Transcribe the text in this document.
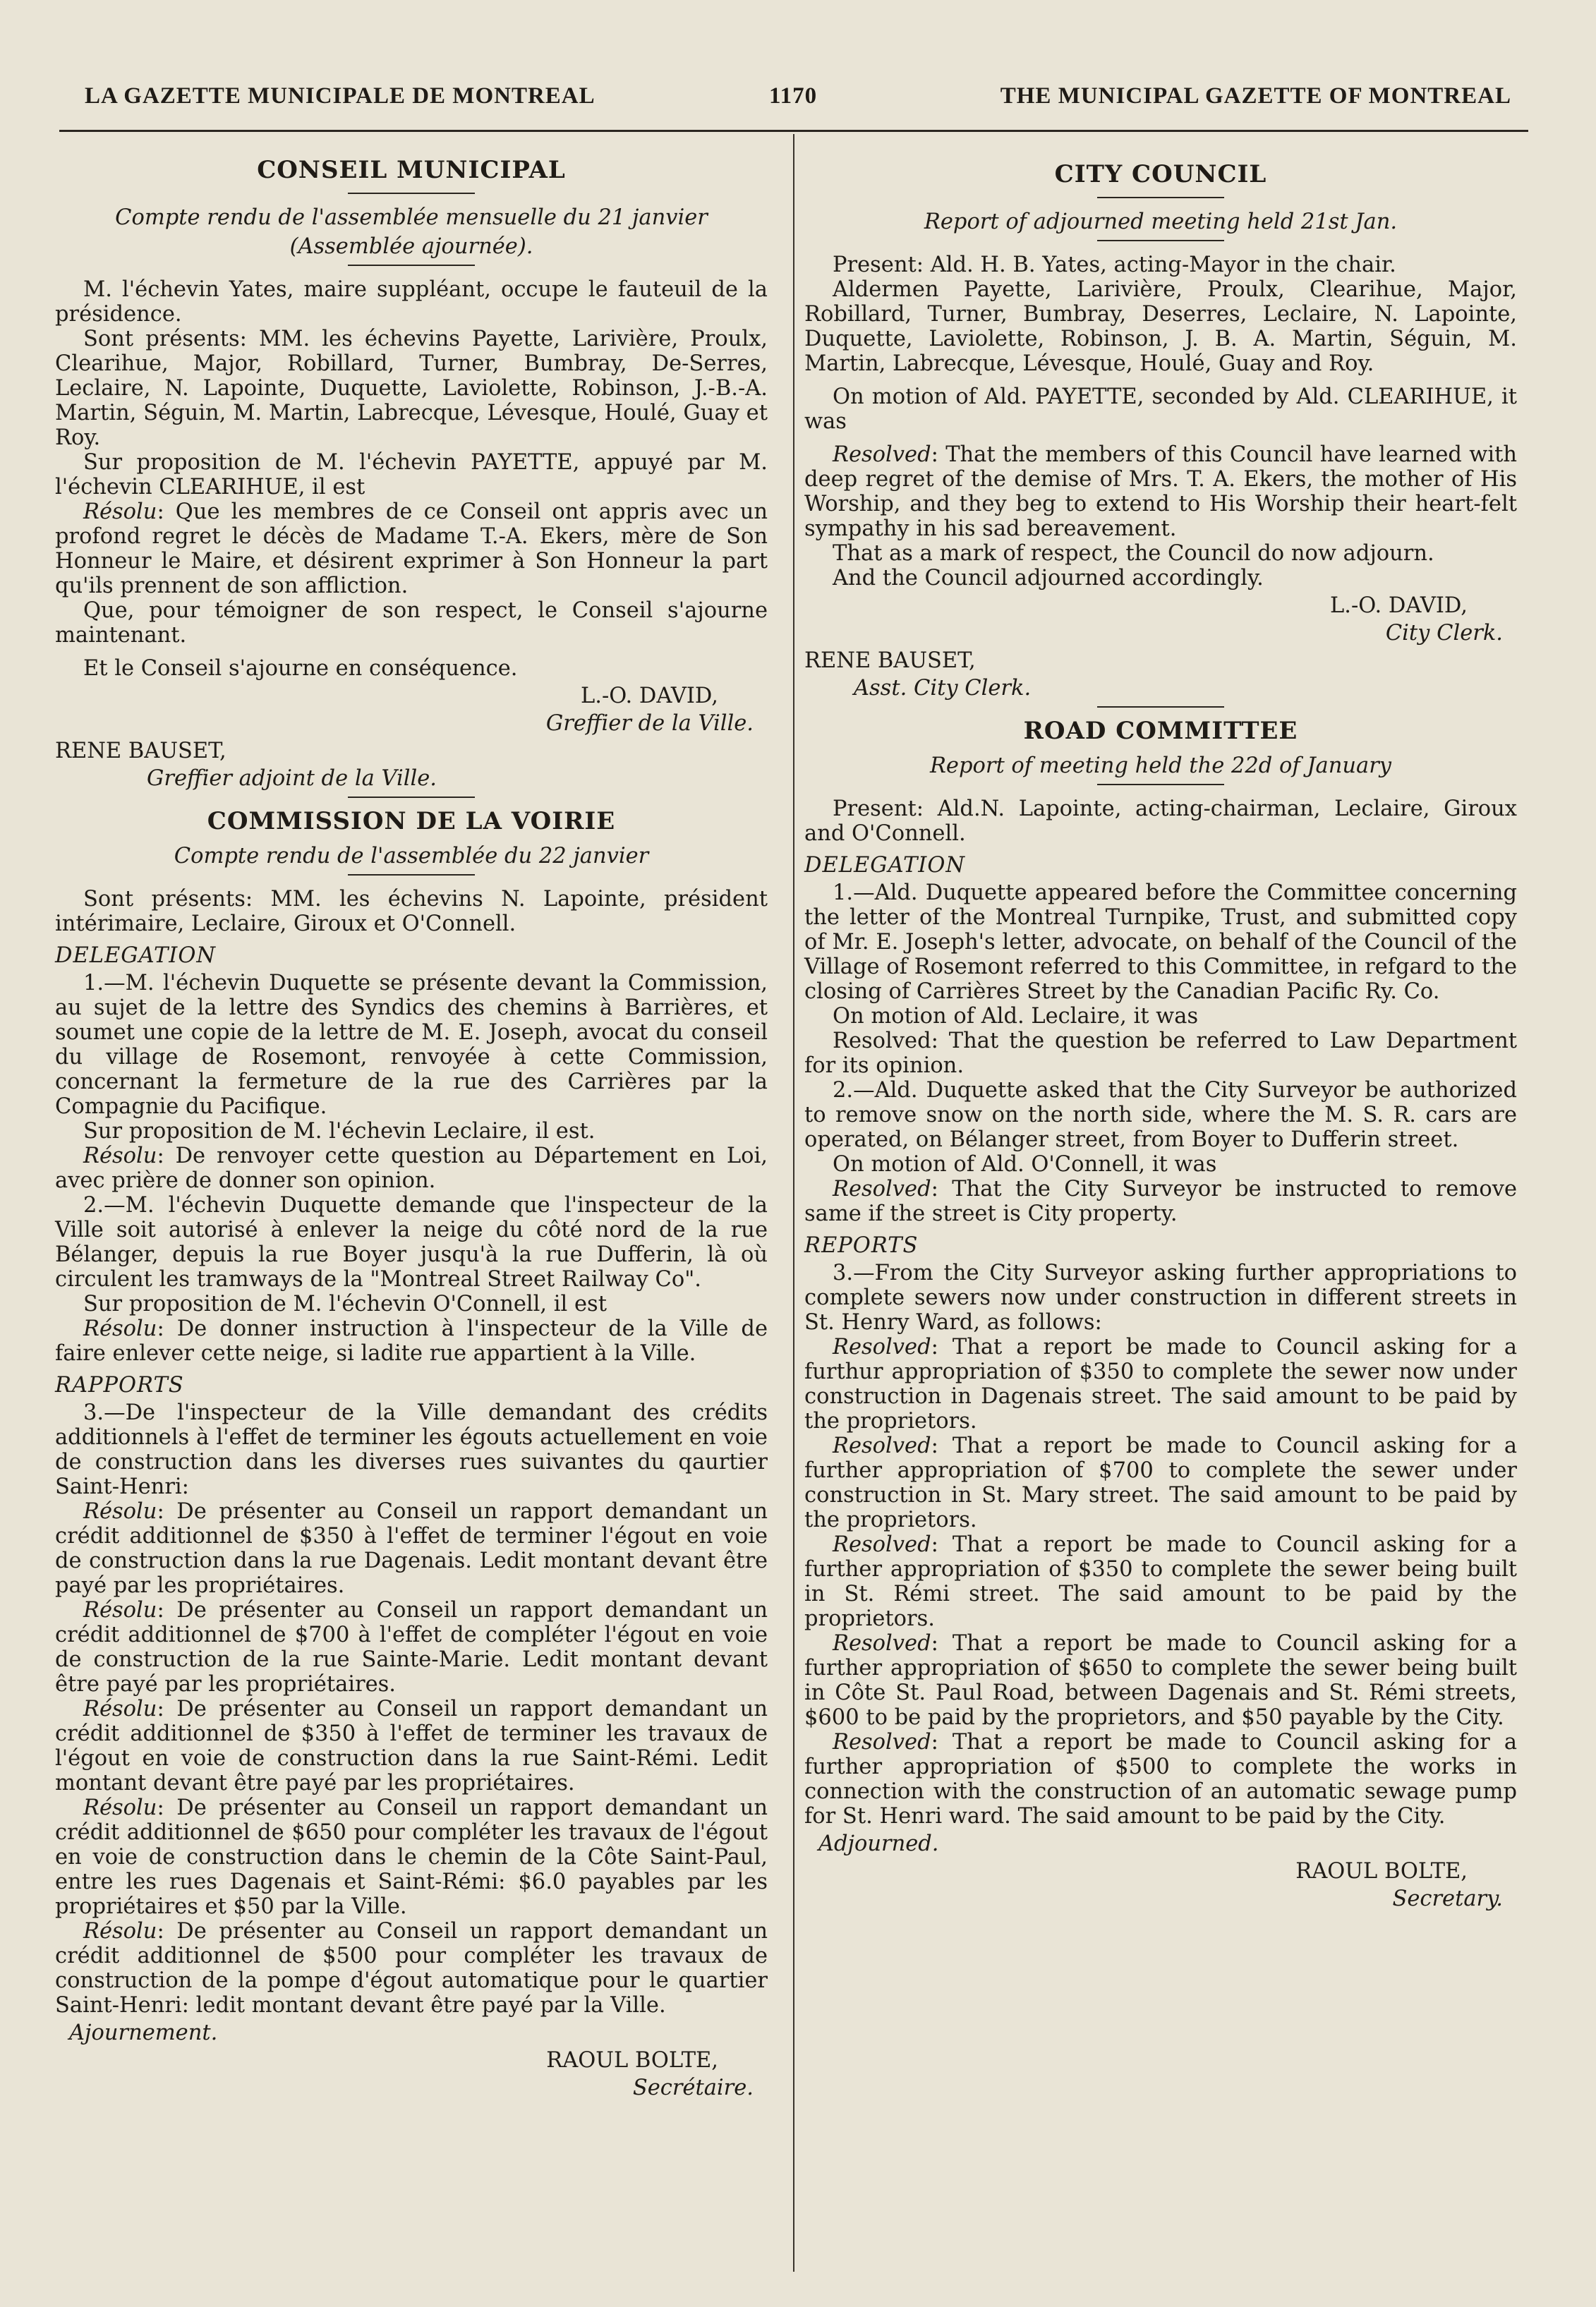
LA GAZETTE MUNICIPALE DE MONTREAL	1170	THE MUNICIPAL GAZETTE OF MONTREAL
CONSEIL MUNICIPAL
Compte rendu de l'assemblée mensuelle du 21 janvier
(Assemblée ajournée).

M. l'échevin Yates, maire suppléant, occupe le fauteuil de la présidence.

Sont présents: MM. les échevins Payette, Larivière, Proulx, Clearihue, Major, Robillard, Turner, Bumbray, De-Serres, Leclaire, N. Lapointe, Duquette, Laviolette, Robinson, J.-B.-A. Martin, Séguin, M. Martin, Labrecque, Lévesque, Houlé, Guay et Roy.

Sur proposition de M. l'échevin PAYETTE, appuyé par M. l'échevin CLEARIHUE, il est

Résolu: Que les membres de ce Conseil ont appris avec un profond regret le décès de Madame T.-A. Ekers, mère de Son Honneur le Maire, et désirent exprimer à Son Honneur la part qu'ils prennent de son affliction.

Que, pour témoigner de son respect, le Conseil s'ajourne maintenant.

Et le Conseil s'ajourne en conséquence.

L.-O. DAVID,
Greffier de la Ville.
RENE BAUSET,
Greffier adjoint de la Ville.
COMMISSION DE LA VOIRIE
Compte rendu de l'assemblée du 22 janvier

Sont présents: MM. les échevins N. Lapointe, président intérimaire, Leclaire, Giroux et O'Connell.

DELEGATION

1.—M. l'échevin Duquette se présente devant la Commission, au sujet de la lettre des Syndics des chemins à Barrières, et soumet une copie de la lettre de M. E. Joseph, avocat du conseil du village de Rosemont, renvoyée à cette Commission, concernant la fermeture de la rue des Carrières par la Compagnie du Pacifique.

Sur proposition de M. l'échevin Leclaire, il est.

Résolu: De renvoyer cette question au Département en Loi, avec prière de donner son opinion.

2.—M. l'échevin Duquette demande que l'inspecteur de la Ville soit autorisé à enlever la neige du côté nord de la rue Bélanger, depuis la rue Boyer jusqu'à la rue Dufferin, là où circulent les tramways de la "Montreal Street Railway Co".

Sur proposition de M. l'échevin O'Connell, il est

Résolu: De donner instruction à l'inspecteur de la Ville de faire enlever cette neige, si ladite rue appartient à la Ville.

RAPPORTS

3.—De l'inspecteur de la Ville demandant des crédits additionnels à l'effet de terminer les égouts actuellement en voie de construction dans les diverses rues suivantes du qaurtier Saint-Henri:

Résolu: De présenter au Conseil un rapport demandant un crédit additionnel de $350 à l'effet de terminer l'égout en voie de construction dans la rue Dagenais. Ledit montant devant être payé par les propriétaires.

Résolu: De présenter au Conseil un rapport demandant un crédit additionnel de $700 à l'effet de compléter l'égout en voie de construction de la rue Sainte-Marie. Ledit montant devant être payé par les propriétaires.

Résolu: De présenter au Conseil un rapport demandant un crédit additionnel de $350 à l'effet de terminer les travaux de l'égout en voie de construction dans la rue Saint-Rémi. Ledit montant devant être payé par les propriétaires.

Résolu: De présenter au Conseil un rapport demandant un crédit additionnel de $650 pour compléter les travaux de l'égout en voie de construction dans le chemin de la Côte Saint-Paul, entre les rues Dagenais et Saint-Rémi: $6.0 payables par les propriétaires et $50 par la Ville.

Résolu: De présenter au Conseil un rapport demandant un crédit additionnel de $500 pour compléter les travaux de construction de la pompe d'égout automatique pour le quartier Saint-Henri: ledit montant devant être payé par la Ville.

Ajournement.
RAOUL BOLTE,
Secrétaire.
CITY COUNCIL
Report of adjourned meeting held 21st Jan.

Present: Ald. H. B. Yates, acting-Mayor in the chair.

Aldermen Payette, Larivière, Proulx, Clearihue, Major, Robillard, Turner, Bumbray, Deserres, Leclaire, N. Lapointe, Duquette, Laviolette, Robinson, J. B. A. Martin, Séguin, M. Martin, Labrecque, Lévesque, Houlé, Guay and Roy.

On motion of Ald. PAYETTE, seconded by Ald. CLEARIHUE, it was

Resolved: That the members of this Council have learned with deep regret of the demise of Mrs. T. A. Ekers, the mother of His Worship, and they beg to extend to His Worship their heart-felt sympathy in his sad bereavement.

That as a mark of respect, the Council do now adjourn.

And the Council adjourned accordingly.

L.-O. DAVID,
City Clerk.
RENE BAUSET,
Asst. City Clerk.
ROAD COMMITTEE
Report of meeting held the 22d of January

Present: Ald.N. Lapointe, acting-chairman, Leclaire, Giroux and O'Connell.

DELEGATION

1.—Ald. Duquette appeared before the Committee concerning the letter of the Montreal Turnpike, Trust, and submitted copy of Mr. E. Joseph's letter, advocate, on behalf of the Council of the Village of Rosemont referred to this Committee, in refgard to the closing of Carrières Street by the Canadian Pacific Ry. Co.

On motion of Ald. Leclaire, it was

Resolved: That the question be referred to Law Department for its opinion.

2.—Ald. Duquette asked that the City Surveyor be authorized to remove snow on the north side, where the M. S. R. cars are operated, on Bélanger street, from Boyer to Dufferin street.

On motion of Ald. O'Connell, it was

Resolved: That the City Surveyor be instructed to remove same if the street is City property.

REPORTS

3.—From the City Surveyor asking further appropriations to complete sewers now under construction in different streets in St. Henry Ward, as follows:

Resolved: That a report be made to Council asking for a furthur appropriation of $350 to complete the sewer now under construction in Dagenais street. The said amount to be paid by the proprietors.

Resolved: That a report be made to Council asking for a further appropriation of $700 to complete the sewer under construction in St. Mary street. The said amount to be paid by the proprietors.

Resolved: That a report be made to Council asking for a further appropriation of $350 to complete the sewer being built in St. Rémi street. The said amount to be paid by the proprietors.

Resolved: That a report be made to Council asking for a further appropriation of $650 to complete the sewer being built in Côte St. Paul Road, between Dagenais and St. Rémi streets, $600 to be paid by the proprietors, and $50 payable by the City.

Resolved: That a report be made to Council asking for a further appropriation of $500 to complete the works in connection with the construction of an automatic sewage pump for St. Henri ward. The said amount to be paid by the City.

Adjourned.
RAOUL BOLTE,
Secretary.
